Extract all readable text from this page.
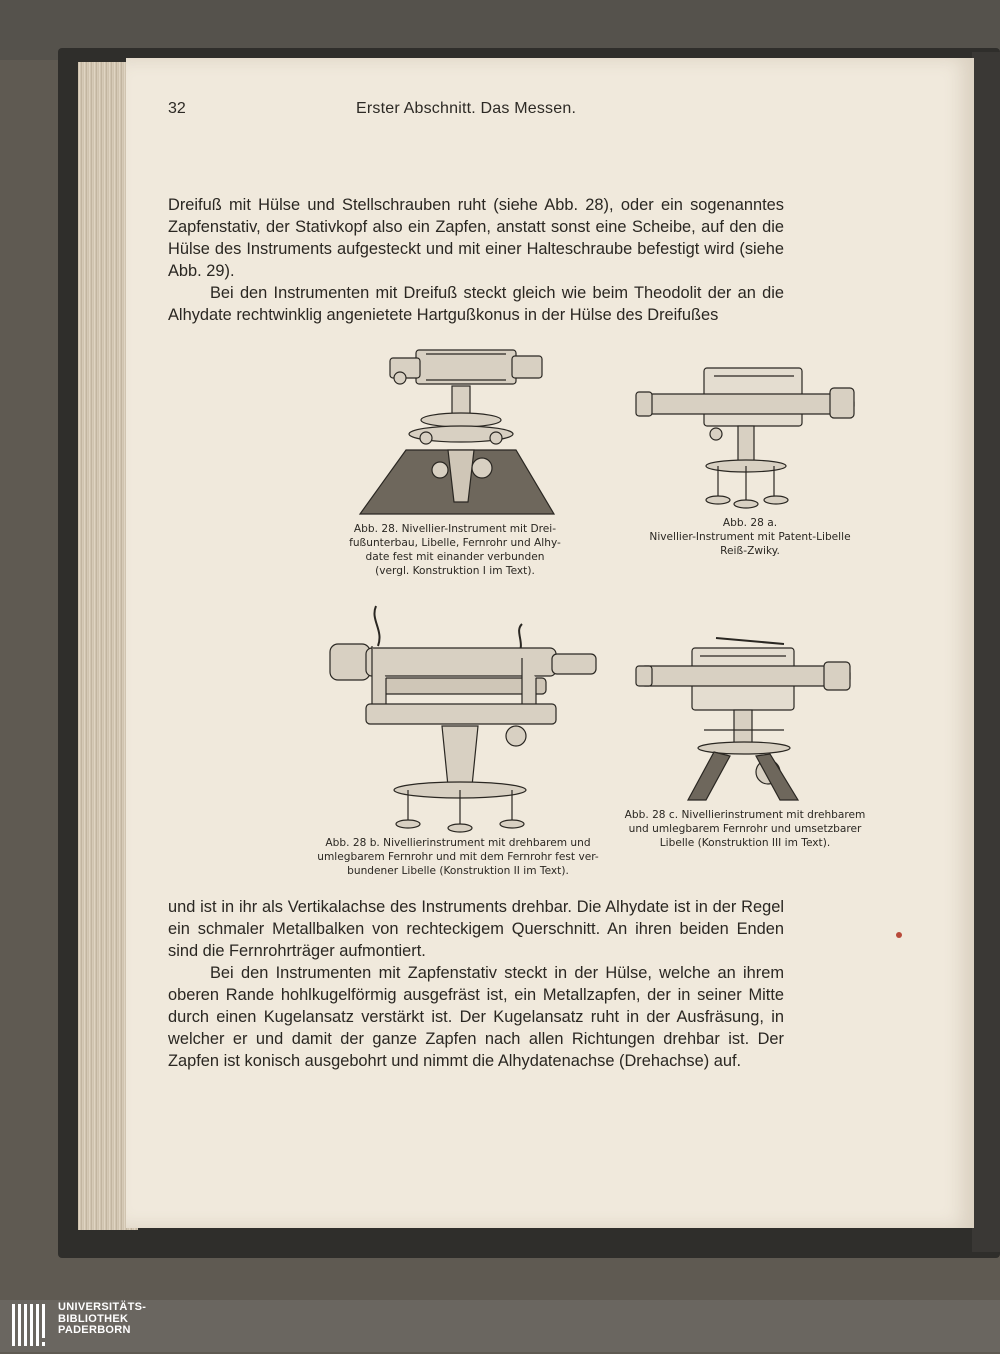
32	Erster Abschnitt. Das Messen.

Dreifuß mit Hülse und Stellschrauben ruht (siehe Abb. 28), oder ein sogenanntes Zapfenstativ, der Stativkopf also ein Zapfen, anstatt sonst eine Scheibe, auf den die Hülse des Instruments aufgesteckt und mit einer Halteschraube befestigt wird (siehe Abb. 29).

Bei den Instrumenten mit Dreifuß steckt gleich wie beim Theodolit der an die Alhydate rechtwinklig angenietete Hartgußkonus in der Hülse des Dreifußes

Abb. 28. Nivellier-Instrument mit Drei-
fußunterbau, Libelle, Fernrohr und Alhy-
date fest mit einander verbunden
(vergl. Konstruktion I im Text).
Abb. 28 a.
Nivellier-Instrument mit Patent-Libelle
Reiß-Zwiky.
Abb. 28 b. Nivellierinstrument mit drehbarem und
umlegbarem Fernrohr und mit dem Fernrohr fest ver-
bundener Libelle (Konstruktion II im Text).
Abb. 28 c. Nivellierinstrument mit drehbarem
und umlegbarem Fernrohr und umsetzbarer
Libelle (Konstruktion III im Text).

und ist in ihr als Vertikalachse des Instruments drehbar. Die Alhydate ist in der Regel ein schmaler Metallbalken von rechteckigem Querschnitt. An ihren beiden Enden sind die Fernrohrträger aufmontiert.

Bei den Instrumenten mit Zapfenstativ steckt in der Hülse, welche an ihrem oberen Rande hohlkugelförmig ausgefräst ist, ein Metallzapfen, der in seiner Mitte durch einen Kugelansatz verstärkt ist. Der Kugelansatz ruht in der Ausfräsung, in welcher er und damit der ganze Zapfen nach allen Richtungen drehbar ist. Der Zapfen ist konisch ausgebohrt und nimmt die Alhydatenachse (Drehachse) auf.

UNIVERSITÄTS-
BIBLIOTHEK
PADERBORN
